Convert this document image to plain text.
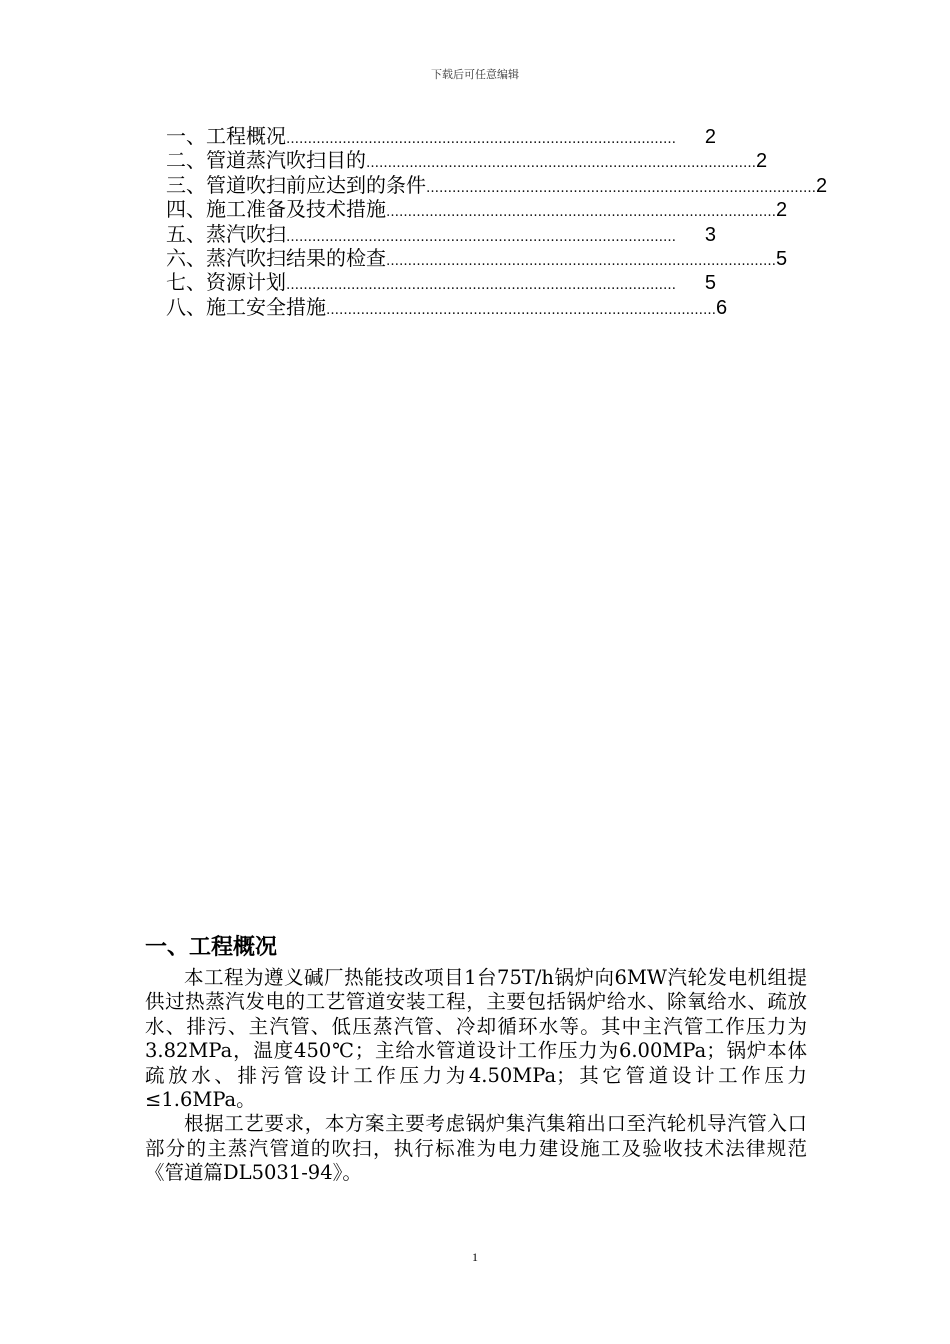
下载后可任意编辑
一、工程概况 ………………………………………………………………………………	2
二、管道蒸汽吹扫目的 ……………………………………………………………………………… 2
三、管道吹扫前应达到的条件 ……………………………………………………………………………… 2
四、施工准备及技术措施 ……………………………………………………………………………… 2
五、蒸汽吹扫 ………………………………………………………………………………	3
六、蒸汽吹扫结果的检查 ……………………………………………………………………………… 5
七、资源计划 ………………………………………………………………………………	5
八、施工安全措施 ……………………………………………………………………………… 6
一、工程概况

本工程为遵义碱厂热能技改项目1台75T/h锅炉向6MW汽轮发电机组提供过热蒸汽发电的工艺管道安装工程，主要包括锅炉给水、除氧给水、疏放水、排污、主汽管、低压蒸汽管、冷却循环水等。其中主汽管工作压力为3.82MPa，温度450℃；主给水管道设计工作压力为6.00MPa；锅炉本体疏放水、排污管设计工作压力为4.50MPa；其它管道设计工作压力≤1.6MPa。

根据工艺要求，本方案主要考虑锅炉集汽集箱出口至汽轮机导汽管入口部分的主蒸汽管道的吹扫，执行标准为电力建设施工及验收技术法律规范《管道篇DL5031-94》。

1
